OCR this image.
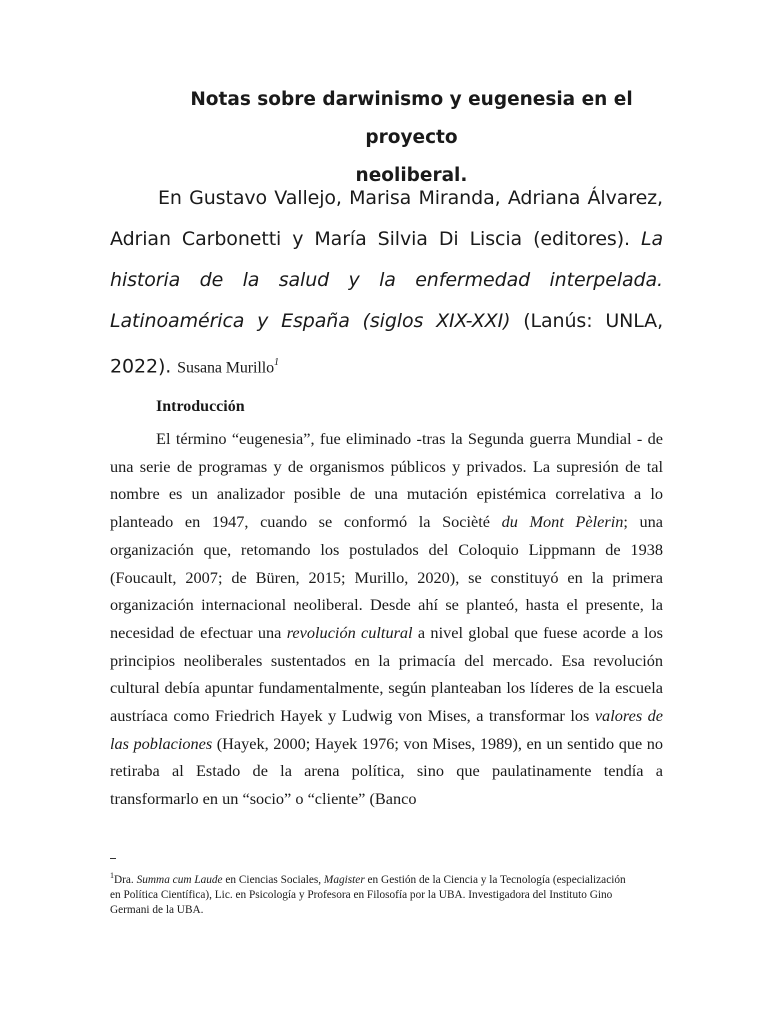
Notas sobre darwinismo y eugenesia en el proyecto
neoliberal.

En Gustavo Vallejo, Marisa Miranda, Adriana Álvarez, Adrian Carbonetti y María Silvia Di Liscia (editores). La historia de la salud y la enfermedad interpelada. Latinoamérica y España (siglos XIX-XXI) (Lanús: UNLA, 2022). Susana Murillo$^1$

Introducción

El término “eugenesia”, fue eliminado -tras la Segunda guerra Mundial - de una serie de programas y de organismos públicos y privados. La supresión de tal nombre es un analizador posible de una mutación epistémica correlativa a lo planteado en 1947, cuando se conformó la Socièté du Mont Pèlerin; una organización que, retomando los postulados del Coloquio Lippmann de 1938 (Foucault, 2007; de Büren, 2015; Murillo, 2020), se constituyó en la primera organización internacional neoliberal. Desde ahí se planteó, hasta el presente, la necesidad de efectuar una revolución cultural a nivel global que fuese acorde a los principios neoliberales sustentados en la primacía del mercado. Esa revolución cultural debía apuntar fundamentalmente, según planteaban los líderes de la escuela austríaca como Friedrich Hayek y Ludwig von Mises, a transformar los valores de las poblaciones (Hayek, 2000; Hayek 1976; von Mises, 1989), en un sentido que no retiraba al Estado de la arena política, sino que paulatinamente tendía a transformarlo en un “socio” o “cliente” (Banco

$^1$Dra. Summa cum Laude en Ciencias Sociales, Magister en Gestión de la Ciencia y la Tecnología (especialización en Política Científica), Lic. en Psicología y Profesora en Filosofía por la UBA. Investigadora del Instituto Gino Germani de la UBA.
